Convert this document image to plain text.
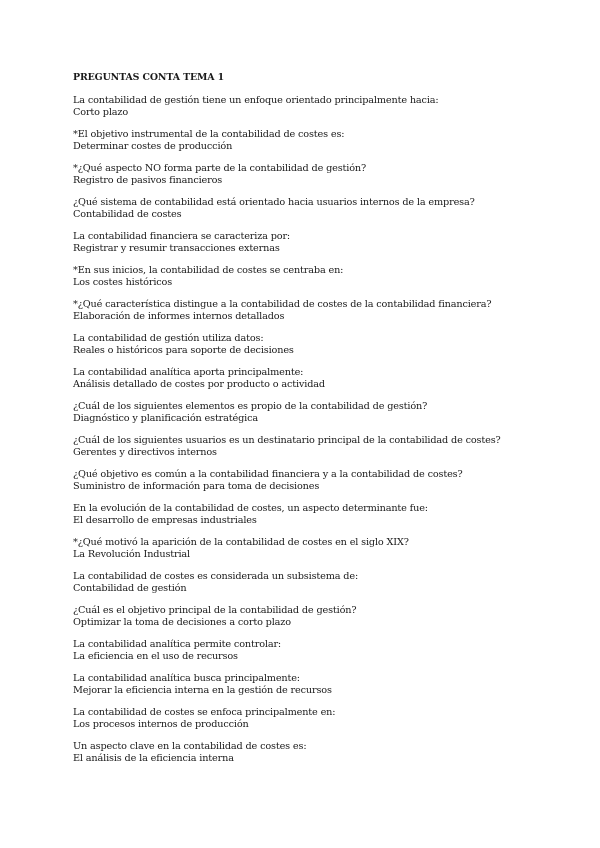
PREGUNTAS CONTA TEMA 1

La contabilidad de gestión tiene un enfoque orientado principalmente hacia:

Corto plazo

*El objetivo instrumental de la contabilidad de costes es:

Determinar costes de producción

*¿Qué aspecto NO forma parte de la contabilidad de gestión?

Registro de pasivos financieros

¿Qué sistema de contabilidad está orientado hacia usuarios internos de la empresa?

Contabilidad de costes

La contabilidad financiera se caracteriza por:

Registrar y resumir transacciones externas

*En sus inicios, la contabilidad de costes se centraba en:

Los costes históricos

*¿Qué característica distingue a la contabilidad de costes de la contabilidad financiera?

Elaboración de informes internos detallados

La contabilidad de gestión utiliza datos:

Reales o históricos para soporte de decisiones

La contabilidad analítica aporta principalmente:

Análisis detallado de costes por producto o actividad

¿Cuál de los siguientes elementos es propio de la contabilidad de gestión?

Diagnóstico y planificación estratégica

¿Cuál de los siguientes usuarios es un destinatario principal de la contabilidad de costes?

Gerentes y directivos internos

¿Qué objetivo es común a la contabilidad financiera y a la contabilidad de costes?

Suministro de información para toma de decisiones

En la evolución de la contabilidad de costes, un aspecto determinante fue:

El desarrollo de empresas industriales

*¿Qué motivó la aparición de la contabilidad de costes en el siglo XIX?

La Revolución Industrial

La contabilidad de costes es considerada un subsistema de:

Contabilidad de gestión

¿Cuál es el objetivo principal de la contabilidad de gestión?

Optimizar la toma de decisiones a corto plazo

La contabilidad analítica permite controlar:

La eficiencia en el uso de recursos

La contabilidad analítica busca principalmente:

Mejorar la eficiencia interna en la gestión de recursos

La contabilidad de costes se enfoca principalmente en:

Los procesos internos de producción

Un aspecto clave en la contabilidad de costes es:

El análisis de la eficiencia interna
